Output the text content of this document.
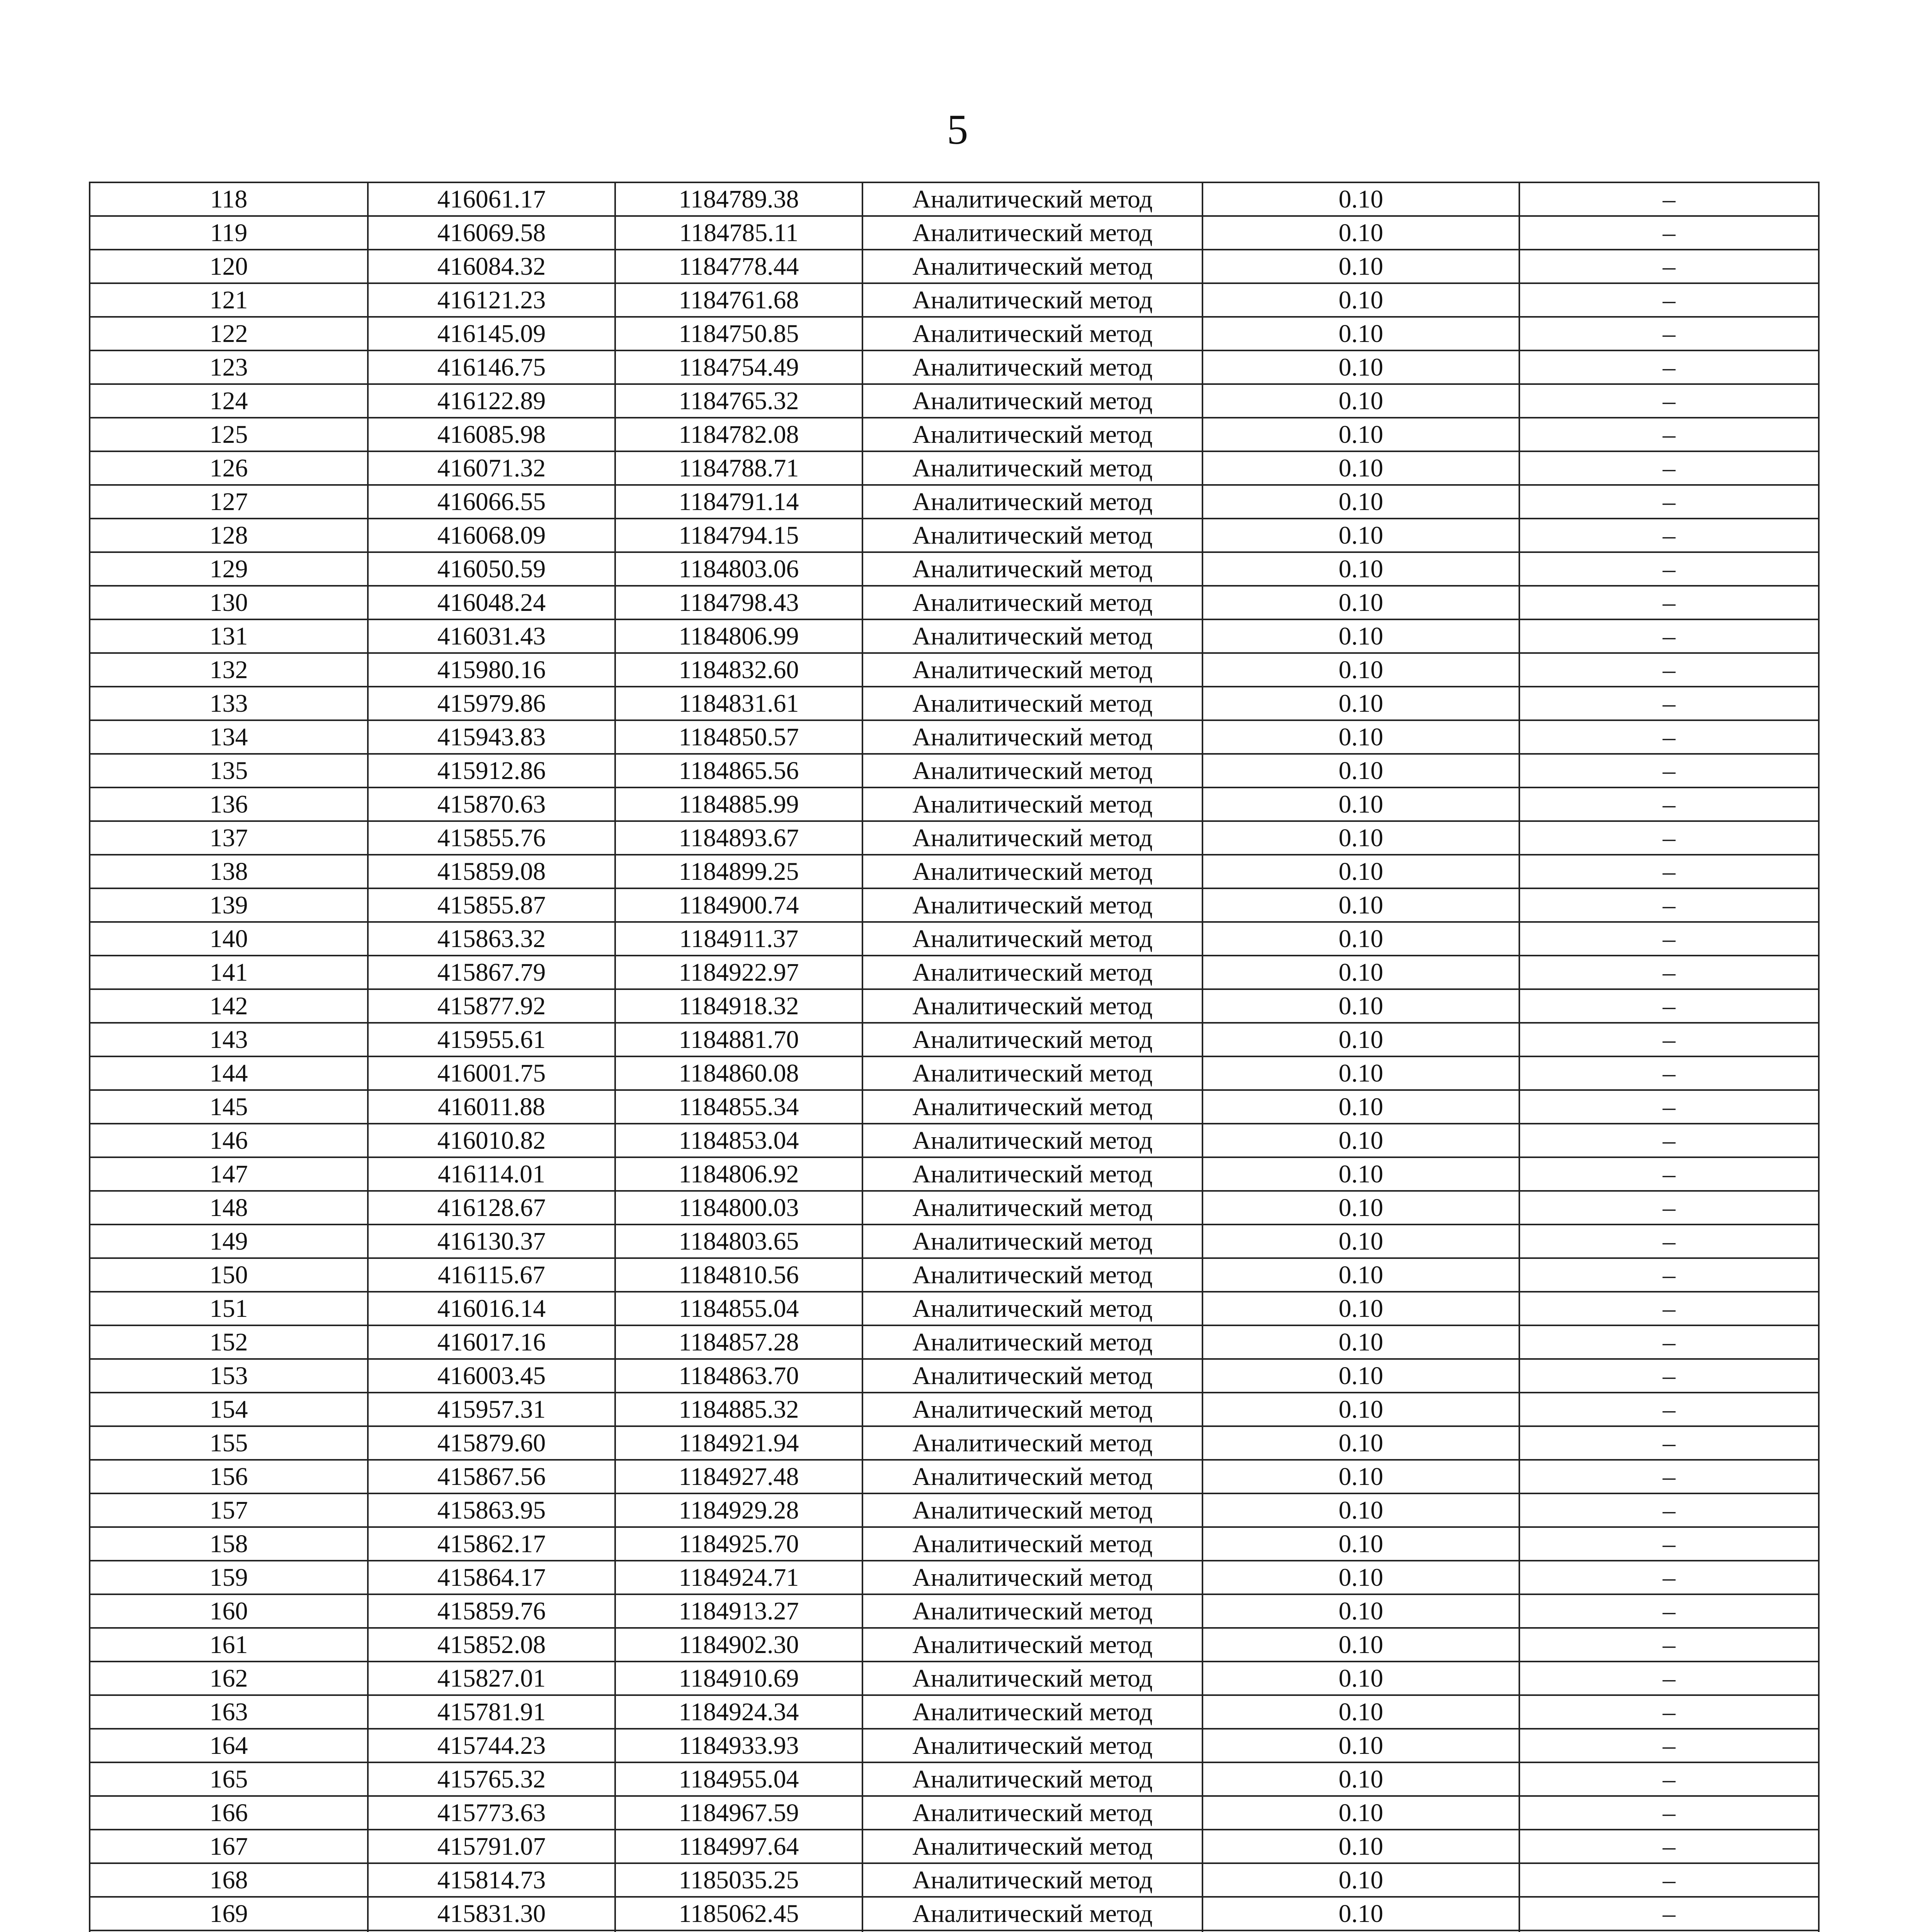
5
118	416061.17	1184789.38	Аналитический метод	0.10	–
119	416069.58	1184785.11	Аналитический метод	0.10	–
120	416084.32	1184778.44	Аналитический метод	0.10	–
121	416121.23	1184761.68	Аналитический метод	0.10	–
122	416145.09	1184750.85	Аналитический метод	0.10	–
123	416146.75	1184754.49	Аналитический метод	0.10	–
124	416122.89	1184765.32	Аналитический метод	0.10	–
125	416085.98	1184782.08	Аналитический метод	0.10	–
126	416071.32	1184788.71	Аналитический метод	0.10	–
127	416066.55	1184791.14	Аналитический метод	0.10	–
128	416068.09	1184794.15	Аналитический метод	0.10	–
129	416050.59	1184803.06	Аналитический метод	0.10	–
130	416048.24	1184798.43	Аналитический метод	0.10	–
131	416031.43	1184806.99	Аналитический метод	0.10	–
132	415980.16	1184832.60	Аналитический метод	0.10	–
133	415979.86	1184831.61	Аналитический метод	0.10	–
134	415943.83	1184850.57	Аналитический метод	0.10	–
135	415912.86	1184865.56	Аналитический метод	0.10	–
136	415870.63	1184885.99	Аналитический метод	0.10	–
137	415855.76	1184893.67	Аналитический метод	0.10	–
138	415859.08	1184899.25	Аналитический метод	0.10	–
139	415855.87	1184900.74	Аналитический метод	0.10	–
140	415863.32	1184911.37	Аналитический метод	0.10	–
141	415867.79	1184922.97	Аналитический метод	0.10	–
142	415877.92	1184918.32	Аналитический метод	0.10	–
143	415955.61	1184881.70	Аналитический метод	0.10	–
144	416001.75	1184860.08	Аналитический метод	0.10	–
145	416011.88	1184855.34	Аналитический метод	0.10	–
146	416010.82	1184853.04	Аналитический метод	0.10	–
147	416114.01	1184806.92	Аналитический метод	0.10	–
148	416128.67	1184800.03	Аналитический метод	0.10	–
149	416130.37	1184803.65	Аналитический метод	0.10	–
150	416115.67	1184810.56	Аналитический метод	0.10	–
151	416016.14	1184855.04	Аналитический метод	0.10	–
152	416017.16	1184857.28	Аналитический метод	0.10	–
153	416003.45	1184863.70	Аналитический метод	0.10	–
154	415957.31	1184885.32	Аналитический метод	0.10	–
155	415879.60	1184921.94	Аналитический метод	0.10	–
156	415867.56	1184927.48	Аналитический метод	0.10	–
157	415863.95	1184929.28	Аналитический метод	0.10	–
158	415862.17	1184925.70	Аналитический метод	0.10	–
159	415864.17	1184924.71	Аналитический метод	0.10	–
160	415859.76	1184913.27	Аналитический метод	0.10	–
161	415852.08	1184902.30	Аналитический метод	0.10	–
162	415827.01	1184910.69	Аналитический метод	0.10	–
163	415781.91	1184924.34	Аналитический метод	0.10	–
164	415744.23	1184933.93	Аналитический метод	0.10	–
165	415765.32	1184955.04	Аналитический метод	0.10	–
166	415773.63	1184967.59	Аналитический метод	0.10	–
167	415791.07	1184997.64	Аналитический метод	0.10	–
168	415814.73	1185035.25	Аналитический метод	0.10	–
169	415831.30	1185062.45	Аналитический метод	0.10	–
